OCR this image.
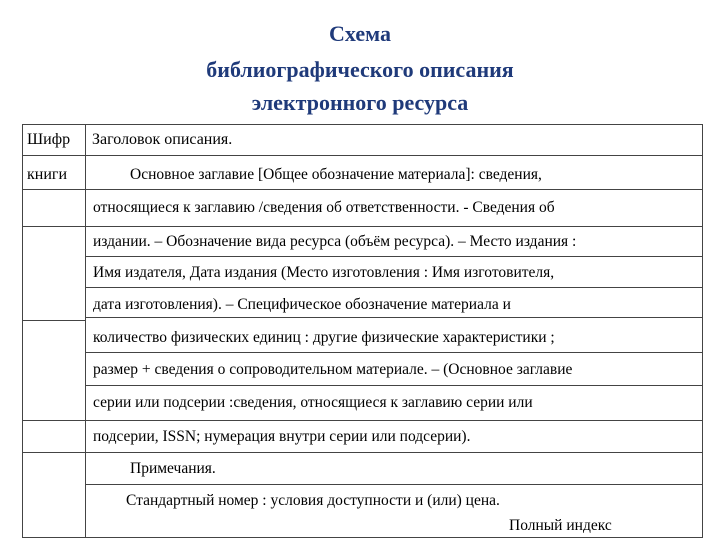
Схема
библиографического описания
электронного ресурса
Шифр Заголовок описания.
книги	Основное заглавие [Общее обозначение материала]: сведения,
относящиеся к заглавию /сведения об ответственности. - Сведения об
издании. – Обозначение вида ресурса (объём ресурса). – Место издания :
Имя издателя, Дата издания (Место изготовления : Имя изготовителя,
дата изготовления). – Специфическое обозначение материала и
количество физических единиц : другие физические характеристики ;
размер + сведения о сопроводительном материале. – (Основное заглавие
серии или подсерии :сведения, относящиеся к заглавию серии или
подсерии, ISSN; нумерация внутри серии или подсерии).
Примечания.
Стандартный номер : условия доступности и (или) цена.
Полный индекс
